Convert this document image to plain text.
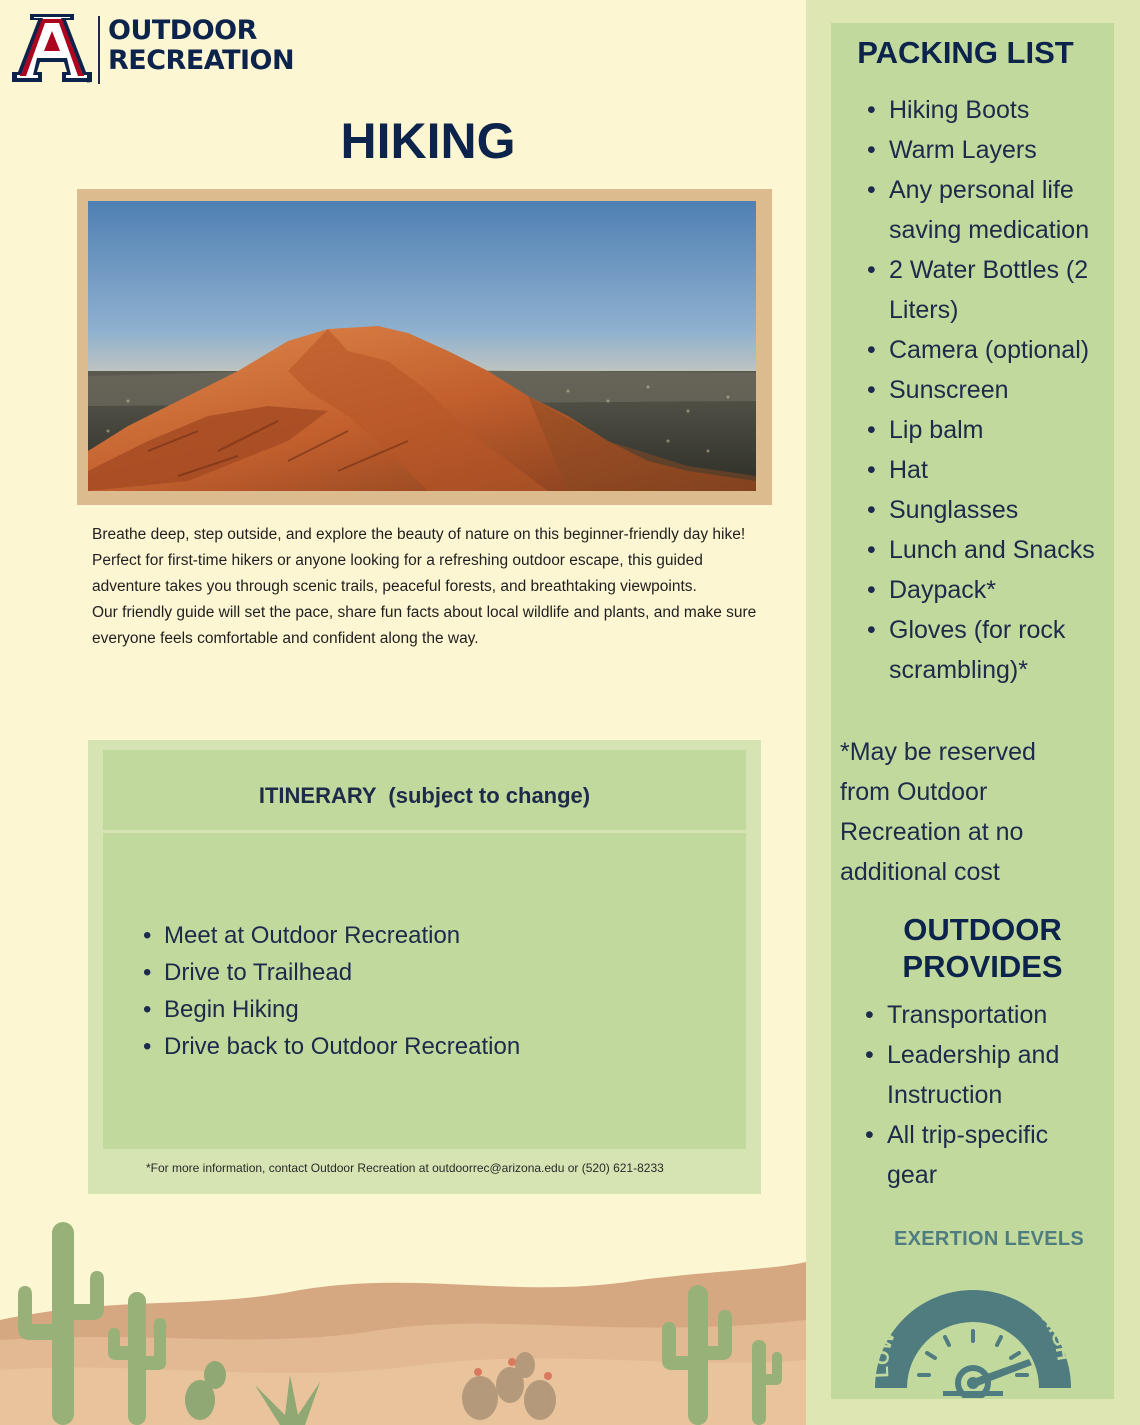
®
OUTDOOR
RECREATION
HIKING

Breathe deep, step outside, and explore the beauty of nature on this beginner-friendly day hike! Perfect for first-time hikers or anyone looking for a refreshing outdoor escape, this guided adventure takes you through scenic trails, peaceful forests, and breathtaking viewpoints.

Our friendly guide will set the pace, share fun facts about local wildlife and plants, and make sure everyone feels comfortable and confident along the way.

ITINERARY  (subject to change)
• Meet at Outdoor Recreation
• Drive to Trailhead
• Begin Hiking
• Drive back to Outdoor Recreation
*For more information, contact Outdoor Recreation at outdoorrec@arizona.edu or (520) 621-8233
PACKING LIST
• Hiking Boots
• Warm Layers
• Any personal life saving medication
• 2 Water Bottles (2 Liters)
• Camera (optional)
• Sunscreen
• Lip balm
• Hat
• Sunglasses
• Lunch and Snacks
• Daypack*
• Gloves (for rock scrambling)*

*May be reserved from Outdoor Recreation at no additional cost

OUTDOOR
PROVIDES
• Transportation
• Leadership and Instruction
• All trip-specific gear
EXERTION LEVELS
LOW
MODERATE
HIGH
